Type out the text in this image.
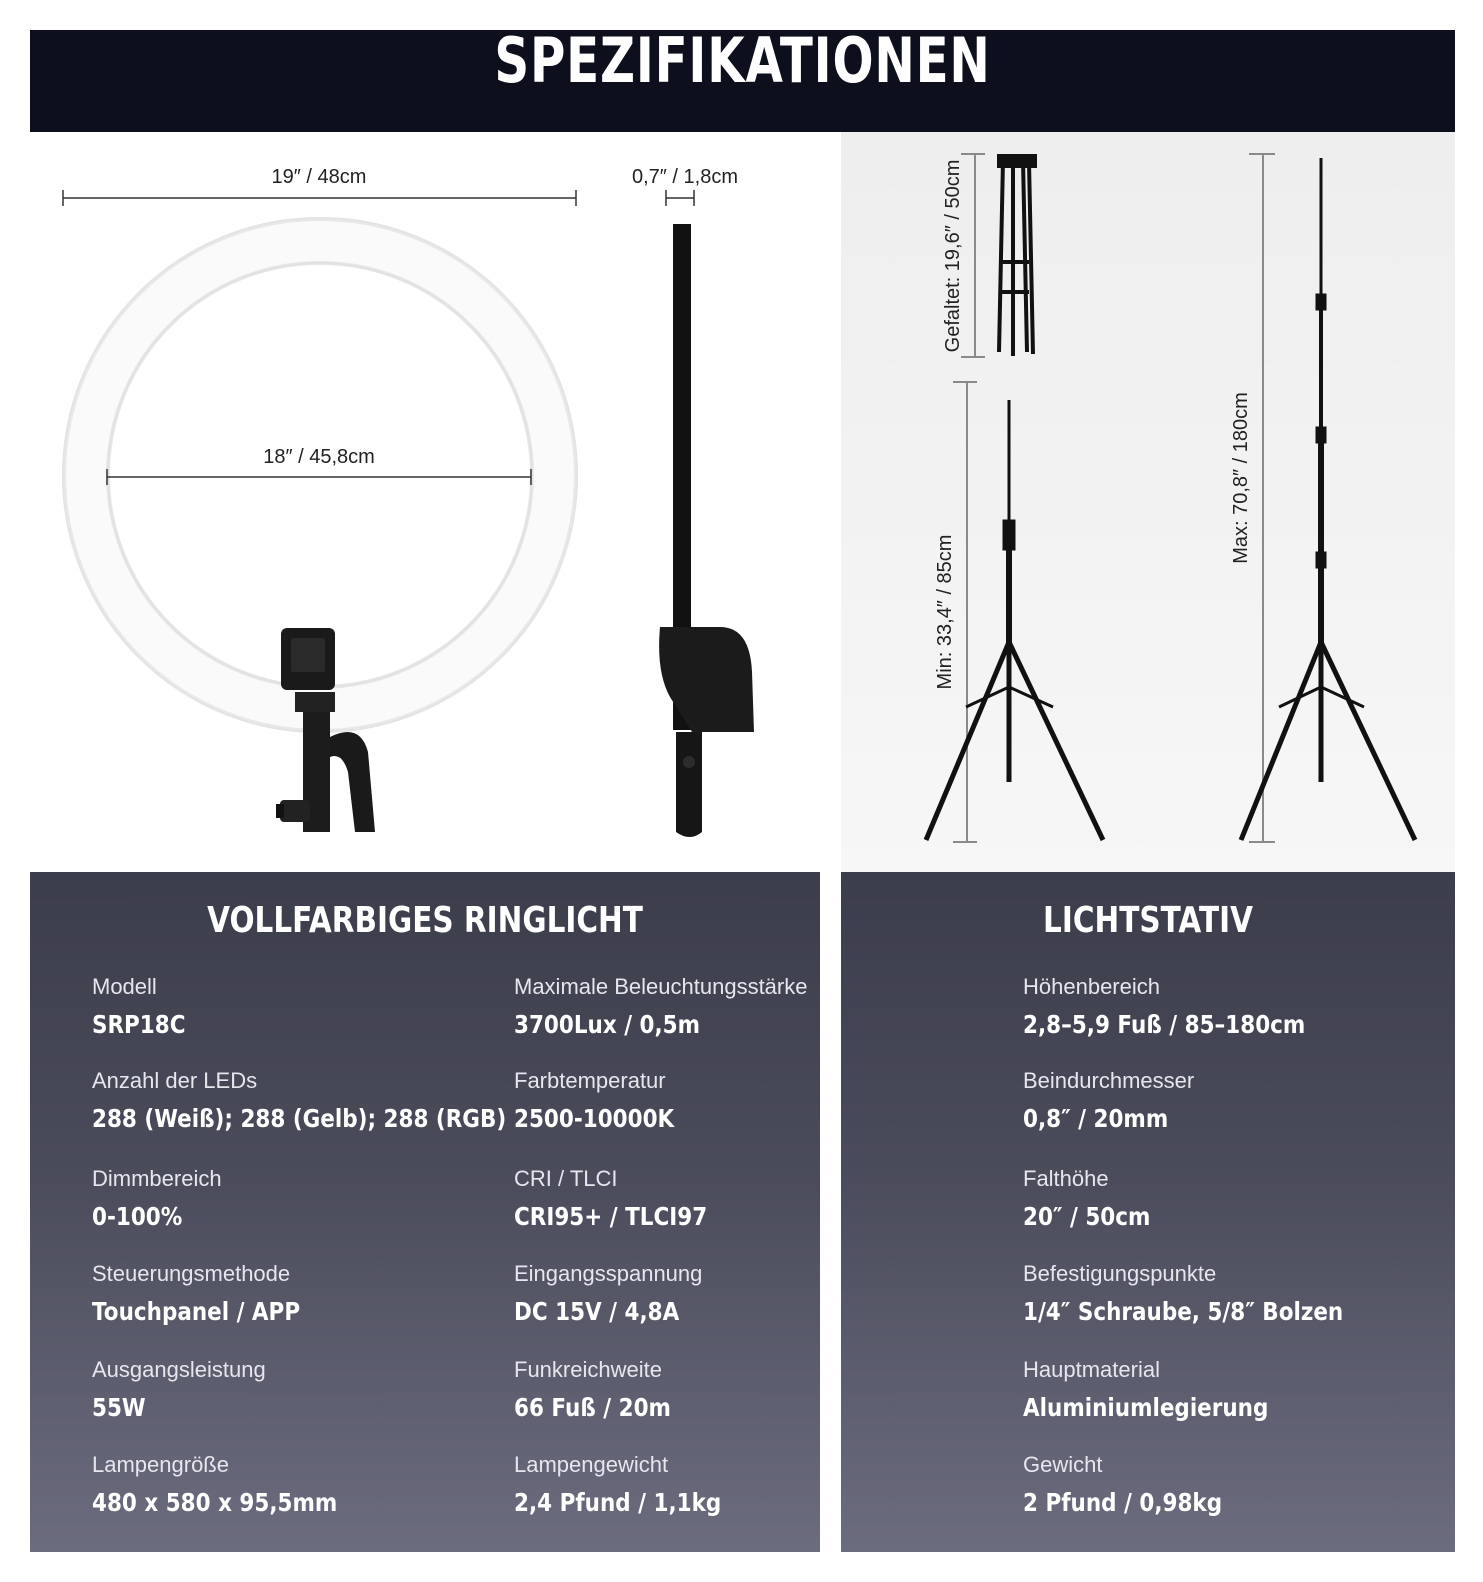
SPEZIFIKATIONEN
19″ / 48cm
18″ / 45,8cm
0,7″ / 1,8cm	Gefaltet: 19,6″ / 50cm
Min: 33,4″ / 85cm
Max: 70,8″ / 180cm
VOLLFARBIGES RINGLICHT
Modell
SRP18C
Anzahl der LEDs
288 (Weiß); 288 (Gelb); 288 (RGB)
Dimmbereich
0-100%
Steuerungsmethode
Touchpanel / APP
Ausgangsleistung
55W
Lampengröße
480 x 580 x 95,5mm
Maximale Beleuchtungsstärke
3700Lux / 0,5m
Farbtemperatur
2500-10000K
CRI / TLCI
CRI95+ / TLCI97
Eingangsspannung
DC 15V / 4,8A
Funkreichweite
66 Fuß / 20m
Lampengewicht
2,4 Pfund / 1,1kg
LICHTSTATIV
Höhenbereich
2,8–5,9 Fuß / 85–180cm
Beindurchmesser
0,8″ / 20mm
Falthöhe
20″ / 50cm
Befestigungspunkte
1/4″ Schraube, 5/8″ Bolzen
Hauptmaterial
Aluminiumlegierung
Gewicht
2 Pfund / 0,98kg
